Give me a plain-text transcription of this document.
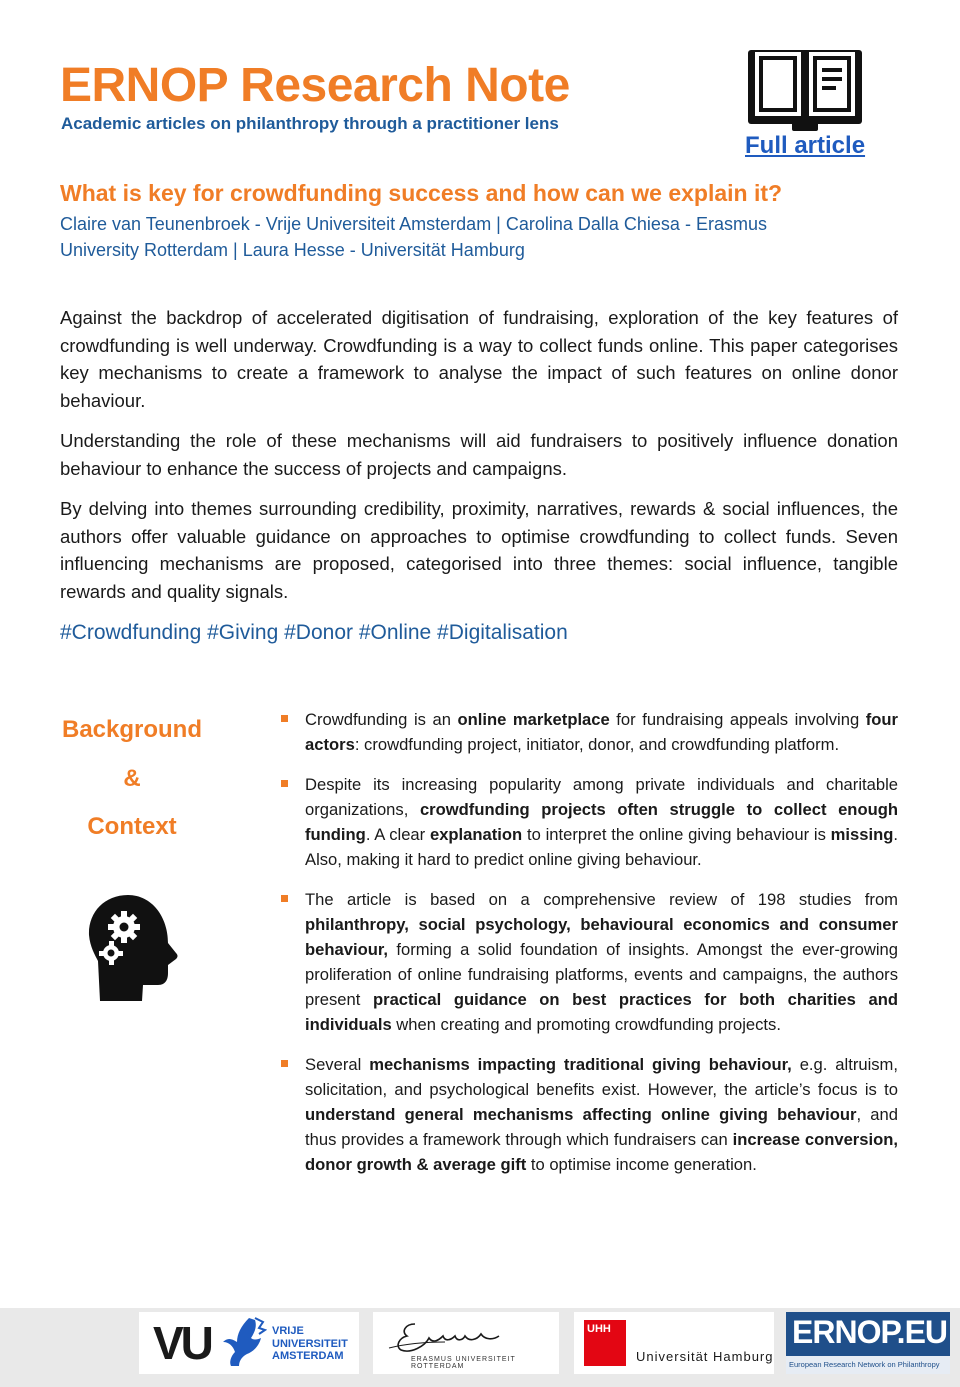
ERNOP Research Note
Academic articles on philanthropy through a practitioner lens
Full article
What is key for crowdfunding success and how can we explain it?
Claire van Teunenbroek - Vrije Universiteit Amsterdam | Carolina Dalla Chiesa - Erasmus
University Rotterdam | Laura Hesse - Universität Hamburg

Against the backdrop of accelerated digitisation of fundraising, exploration of the key features of crowdfunding is well underway. Crowdfunding is a way to collect funds online. This paper categorises key mechanisms to create a framework to analyse the impact of such features on online donor behaviour.

Understanding the role of these mechanisms will aid fundraisers to positively influence donation behaviour to enhance the success of projects and campaigns.

By delving into themes surrounding credibility, proximity, narratives, rewards & social influences, the authors offer valuable guidance on approaches to optimise crowdfunding to collect funds. Seven influencing mechanisms are proposed, categorised into three themes: social influence, tangible rewards and quality signals.

#Crowdfunding #Giving #Donor #Online #Digitalisation
Background
&
Context
Crowdfunding is an online marketplace for fundraising appeals involving four actors: crowdfunding project, initiator, donor, and crowdfunding platform.
Despite its increasing popularity among private individuals and charitable organizations, crowdfunding projects often struggle to collect enough funding. A clear explanation to interpret the online giving behaviour is missing. Also, making it hard to predict online giving behaviour.
The article is based on a comprehensive review of 198 studies from philanthropy, social psychology, behavioural economics and consumer behaviour, forming a solid foundation of insights. Amongst the ever-growing proliferation of online fundraising platforms, events and campaigns, the authors present practical guidance on best practices for both charities and individuals when creating and promoting crowdfunding projects.
Several mechanisms impacting traditional giving behaviour, e.g. altruism, solicitation, and psychological benefits exist. However, the article’s focus is to understand general mechanisms affecting online giving behaviour, and thus provides a framework through which fundraisers can increase conversion, donor growth & average gift to optimise income generation.
VU	VRIJE
UNIVERSITEIT
AMSTERDAM	ERASMUS UNIVERSITEIT ROTTERDAM
UHH
Universität Hamburg
ERNOP.EU
European Research Network on Philanthropy
